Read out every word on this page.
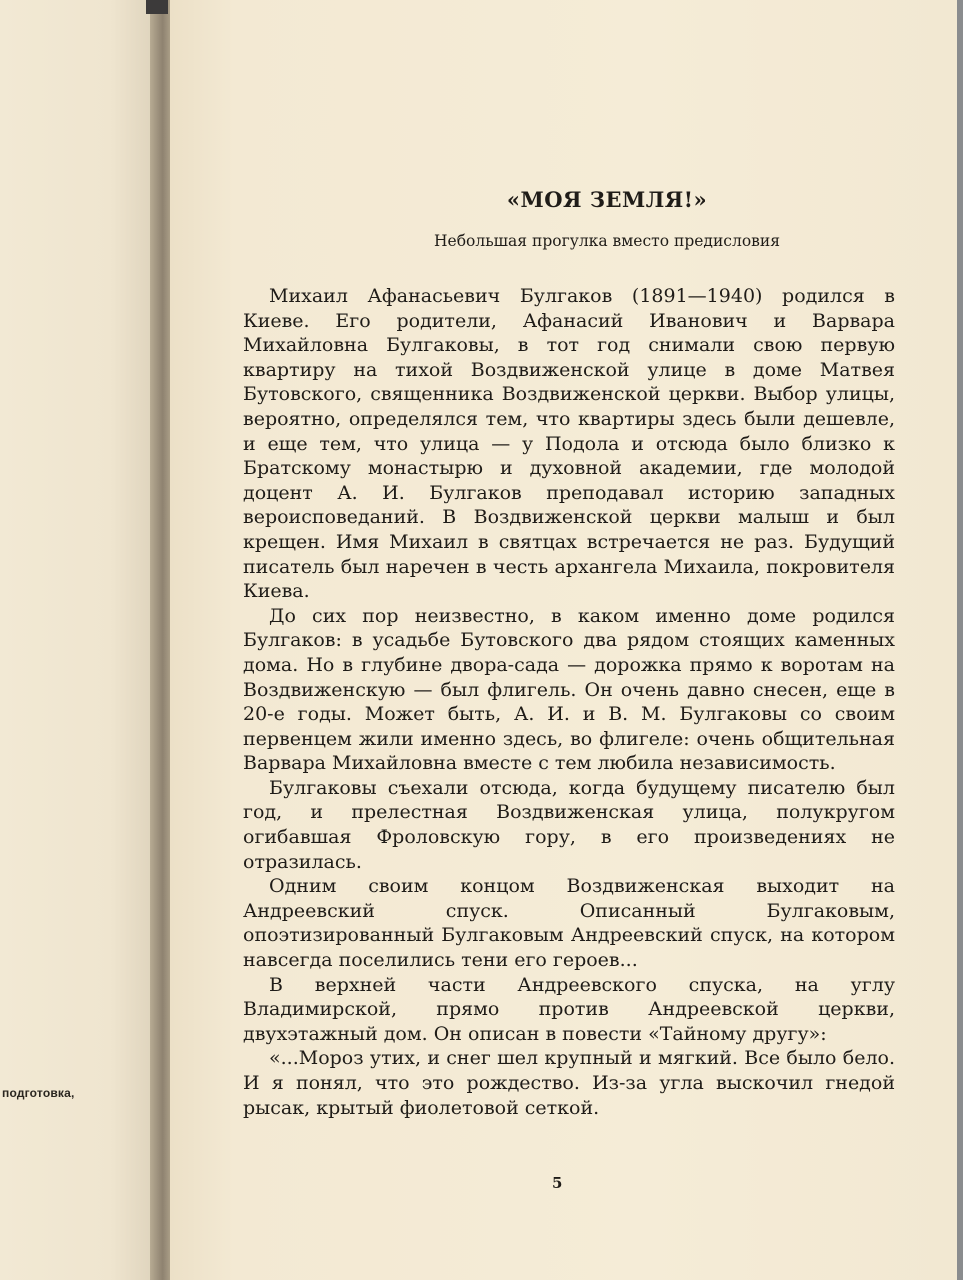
подготовка,
«МОЯ ЗЕМЛЯ!»
Небольшая прогулка вместо предисловия

Михаил Афанасьевич Булгаков (1891—1940) родился в Киеве. Его родители, Афанасий Иванович и Варвара Михайловна Булгаковы, в тот год снимали свою первую квартиру на тихой Воздвиженской улице в доме Матвея Бутовского, священника Воздвиженской церкви. Выбор улицы, вероятно, определялся тем, что квартиры здесь были дешевле, и еще тем, что улица — у Подола и отсюда было близко к Братскому монастырю и духовной академии, где молодой доцент А. И. Булгаков преподавал историю западных вероисповеданий. В Воздвиженской церкви малыш и был крещен. Имя Михаил в святцах встречается не раз. Будущий писатель был наречен в честь архангела Михаила, покровителя Киева.

До сих пор неизвестно, в каком именно доме родился Булгаков: в усадьбе Бутовского два рядом стоящих каменных дома. Но в глубине двора-сада — дорожка прямо к воротам на Воздвиженскую — был флигель. Он очень давно снесен, еще в 20-е годы. Может быть, А. И. и В. М. Булгаковы со своим первенцем жили именно здесь, во флигеле: очень общительная Варвара Михайловна вместе с тем любила независимость.

Булгаковы съехали отсюда, когда будущему писателю был год, и прелестная Воздвиженская улица, полукругом огибавшая Фроловскую гору, в его произведениях не отразилась.

Одним своим концом Воздвиженская выходит на Андреевский спуск. Описанный Булгаковым, опоэтизированный Булгаковым Андреевский спуск, на котором навсегда поселились тени его героев...

В верхней части Андреевского спуска, на углу Владимирской, прямо против Андреевской церкви, двухэтажный дом. Он описан в повести «Тайному другу»:

«...Мороз утих, и снег шел крупный и мягкий. Все было бело. И я понял, что это рождество. Из-за угла выскочил гнедой рысак, крытый фиолетовой сеткой.

5
